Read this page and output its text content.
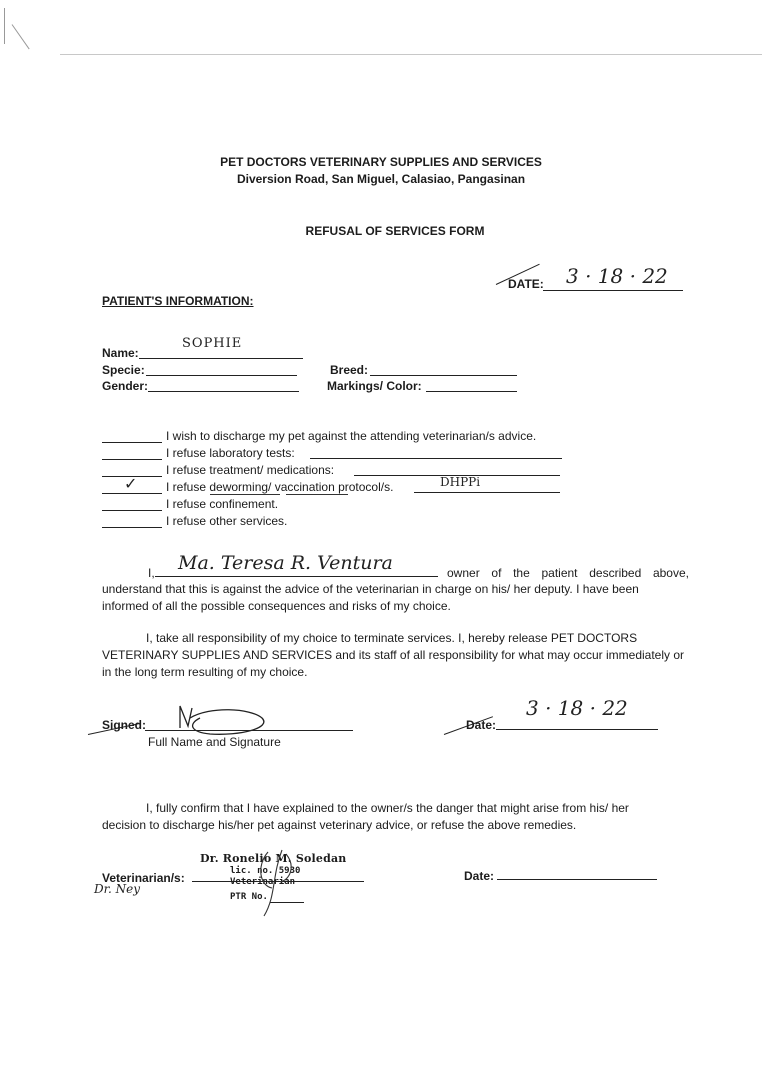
PET DOCTORS VETERINARY SUPPLIES AND SERVICES
Diversion Road, San Miguel, Calasiao, Pangasinan
REFUSAL OF SERVICES FORM
DATE: 3 · 18 · 22
PATIENT'S INFORMATION:
Name:
SOPHIE
Specie:
Gender:
Breed:
Markings/ Color:
I wish to discharge my pet against the attending veterinarian/s advice.
I refuse laboratory tests:
I refuse treatment/ medications:
✓ I refuse deworming/ vaccination protocol/s.	DHPPi
I refuse confinement.
I refuse other services.
I, Ma. Teresa R. Ventura	owner of the patient described above,
understand that this is against the advice of the veterinarian in charge on his/ her deputy. I have been
informed of all the possible consequences and risks of my choice.
I, take all responsibility of my choice to terminate services. I, hereby release PET DOCTORS
VETERINARY SUPPLIES AND SERVICES and its staff of all responsibility for what may occur immediately or
in the long term resulting of my choice.
Signed:
Full Name and Signature
Date:
3 · 18 · 22
I, fully confirm that I have explained to the owner/s the danger that might arise from his/ her
decision to discharge his/her pet against veterinary advice, or refuse the above remedies.
Veterinarian/s:
Dr. Ronelio M. Soledan
lic. no. 5930
Veterinarian
PTR No.
Dr. Ney
Date:
